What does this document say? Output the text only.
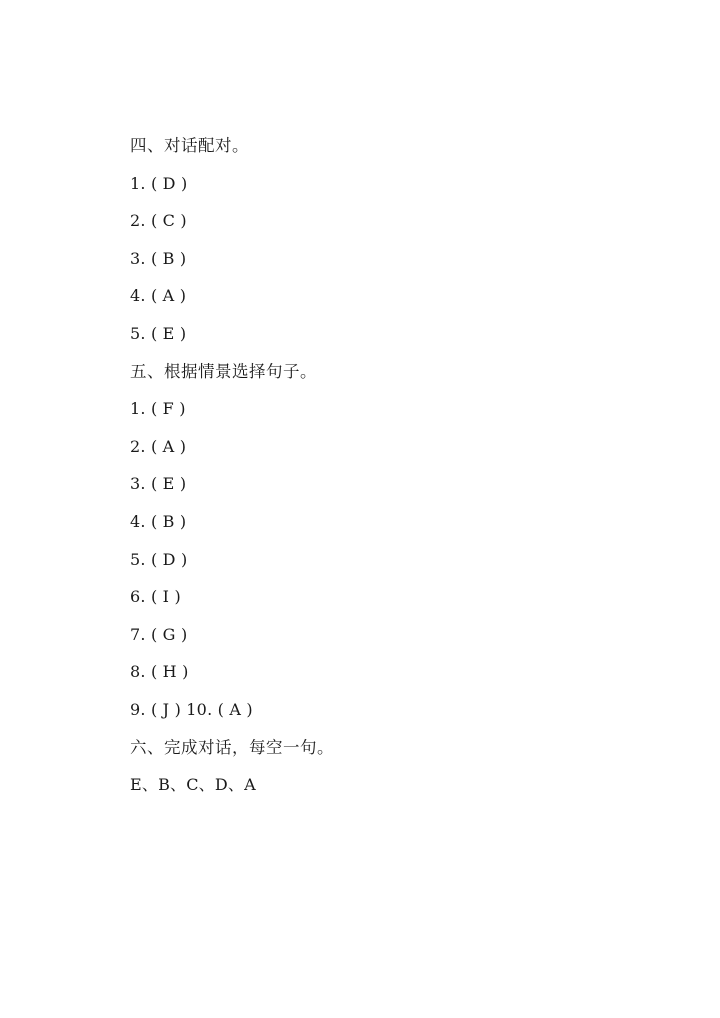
四、对话配对。
1. ( D )
2. ( C )
3. ( B )
4. ( A )
5. ( E )
五、根据情景选择句子。
1. ( F )
2. ( A )
3. ( E )
4. ( B )
5. ( D )
6. ( I )
7. ( G )
8. ( H )
9. ( J ) 10. ( A )
六、完成对话，每空一句。
E、B、C、D、A
